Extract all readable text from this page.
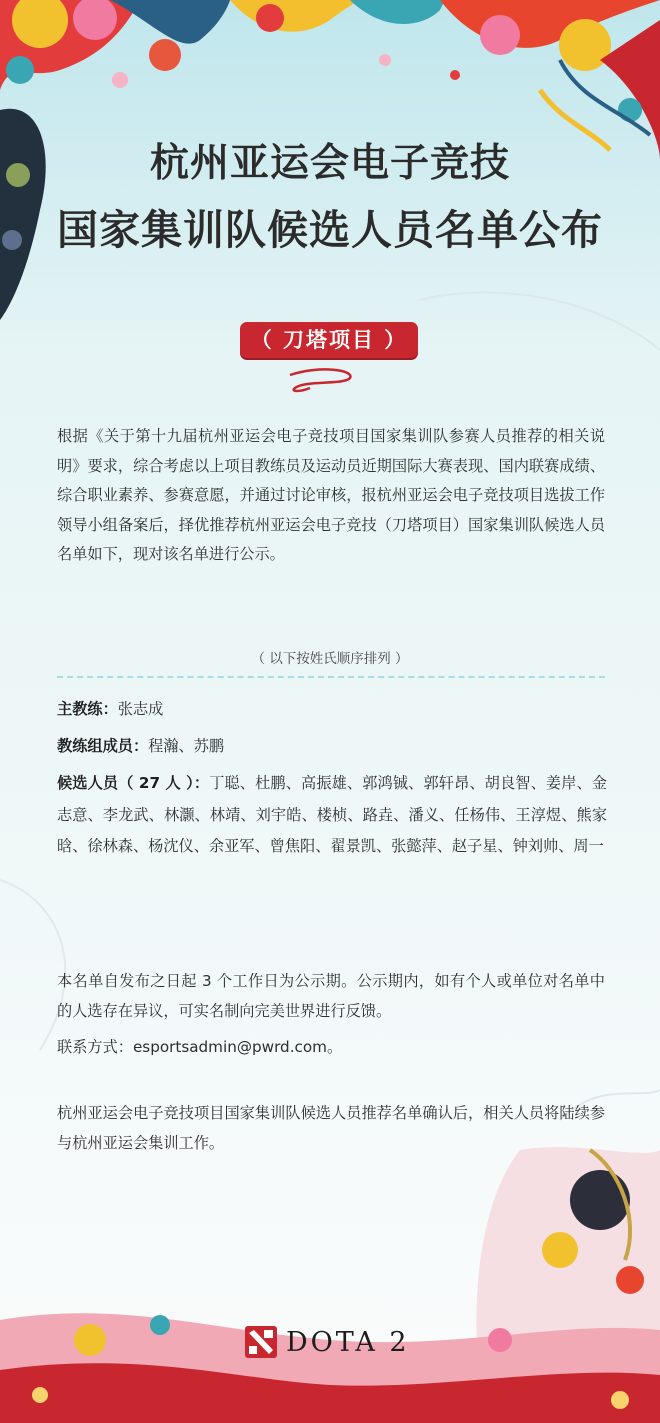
杭州亚运会电子竞技
国家集训队候选人员名单公布
（ 刀塔项目 ）
根据《关于第十九届杭州亚运会电子竞技项目国家集训队参赛人员推荐的相关说明》要求，综合考虑以上项目教练员及运动员近期国际大赛表现、国内联赛成绩、综合职业素养、参赛意愿，并通过讨论审核，报杭州亚运会电子竞技项目选拔工作领导小组备案后，择优推荐杭州亚运会电子竞技（刀塔项目）国家集训队候选人员名单如下，现对该名单进行公示。
（ 以下按姓氏顺序排列 ）
主教练：张志成
教练组成员：程瀚、苏鹏
候选人员（ 27 人 ）：丁聪、杜鹏、高振雄、郭鸿铖、郭轩昂、胡良智、姜岸、金志意、李龙武、林灏、林靖、刘宇皓、楼桢、路垚、潘义、任杨伟、王淳煜、熊家晗、徐林森、杨沈仪、余亚军、曾焦阳、翟景凯、张懿萍、赵子星、钟刘帅、周一
本名单自发布之日起 3 个工作日为公示期。公示期内，如有个人或单位对名单中的人选存在异议，可实名制向完美世界进行反馈。
联系方式：esportsadmin@pwrd.com。
杭州亚运会电子竞技项目国家集训队候选人员推荐名单确认后，相关人员将陆续参与杭州亚运会集训工作。
DOTA 2
